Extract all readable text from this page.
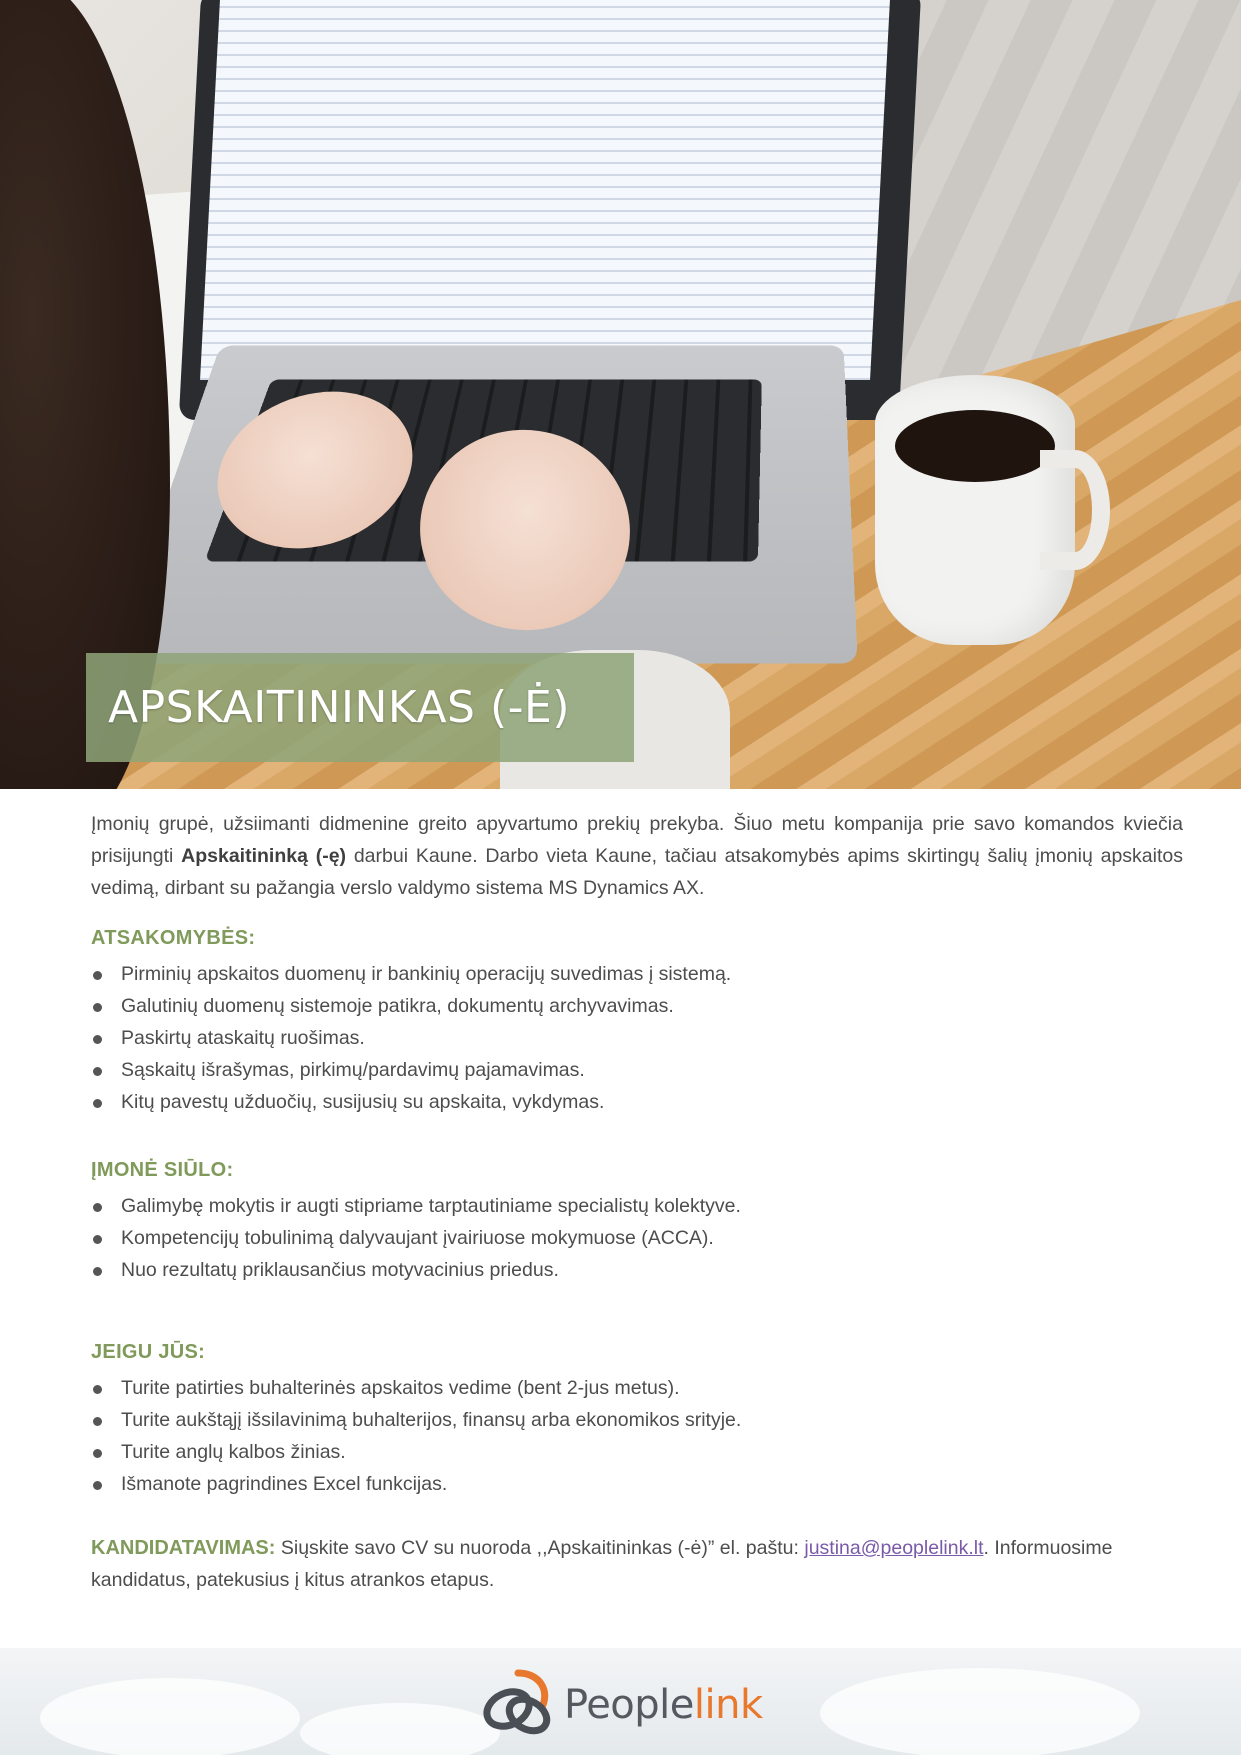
APSKAITININKAS (-Ė)

Įmonių grupė, užsiimanti didmenine greito apyvartumo prekių prekyba. Šiuo metu kompanija prie savo komandos kviečia prisijungti Apskaitininką (-ę) darbui Kaune. Darbo vieta Kaune, tačiau atsakomybės apims skirtingų šalių įmonių apskaitos vedimą, dirbant su pažangia verslo valdymo sistema MS Dynamics AX.

ATSAKOMYBĖS:
Pirminių apskaitos duomenų ir bankinių operacijų suvedimas į sistemą.
Galutinių duomenų sistemoje patikra, dokumentų archyvavimas.
Paskirtų ataskaitų ruošimas.
Sąskaitų išrašymas, pirkimų/pardavimų pajamavimas.
Kitų pavestų užduočių, susijusių su apskaita, vykdymas.
ĮMONĖ SIŪLO:
Galimybę mokytis ir augti stipriame tarptautiniame specialistų kolektyve.
Kompetencijų tobulinimą dalyvaujant įvairiuose mokymuose (ACCA).
Nuo rezultatų priklausančius motyvacinius priedus.
JEIGU JŪS:
Turite patirties buhalterinės apskaitos vedime (bent 2-jus metus).
Turite aukštąjį išsilavinimą buhalterijos, finansų arba ekonomikos srityje.
Turite anglų kalbos žinias.
Išmanote pagrindines Excel funkcijas.

KANDIDATAVIMAS: Siųskite savo CV su nuoroda ,,Apskaitininkas (-ė)” el. paštu: justina@peoplelink.lt. Informuosime kandidatus, patekusius į kitus atrankos etapus.

Peoplelink
